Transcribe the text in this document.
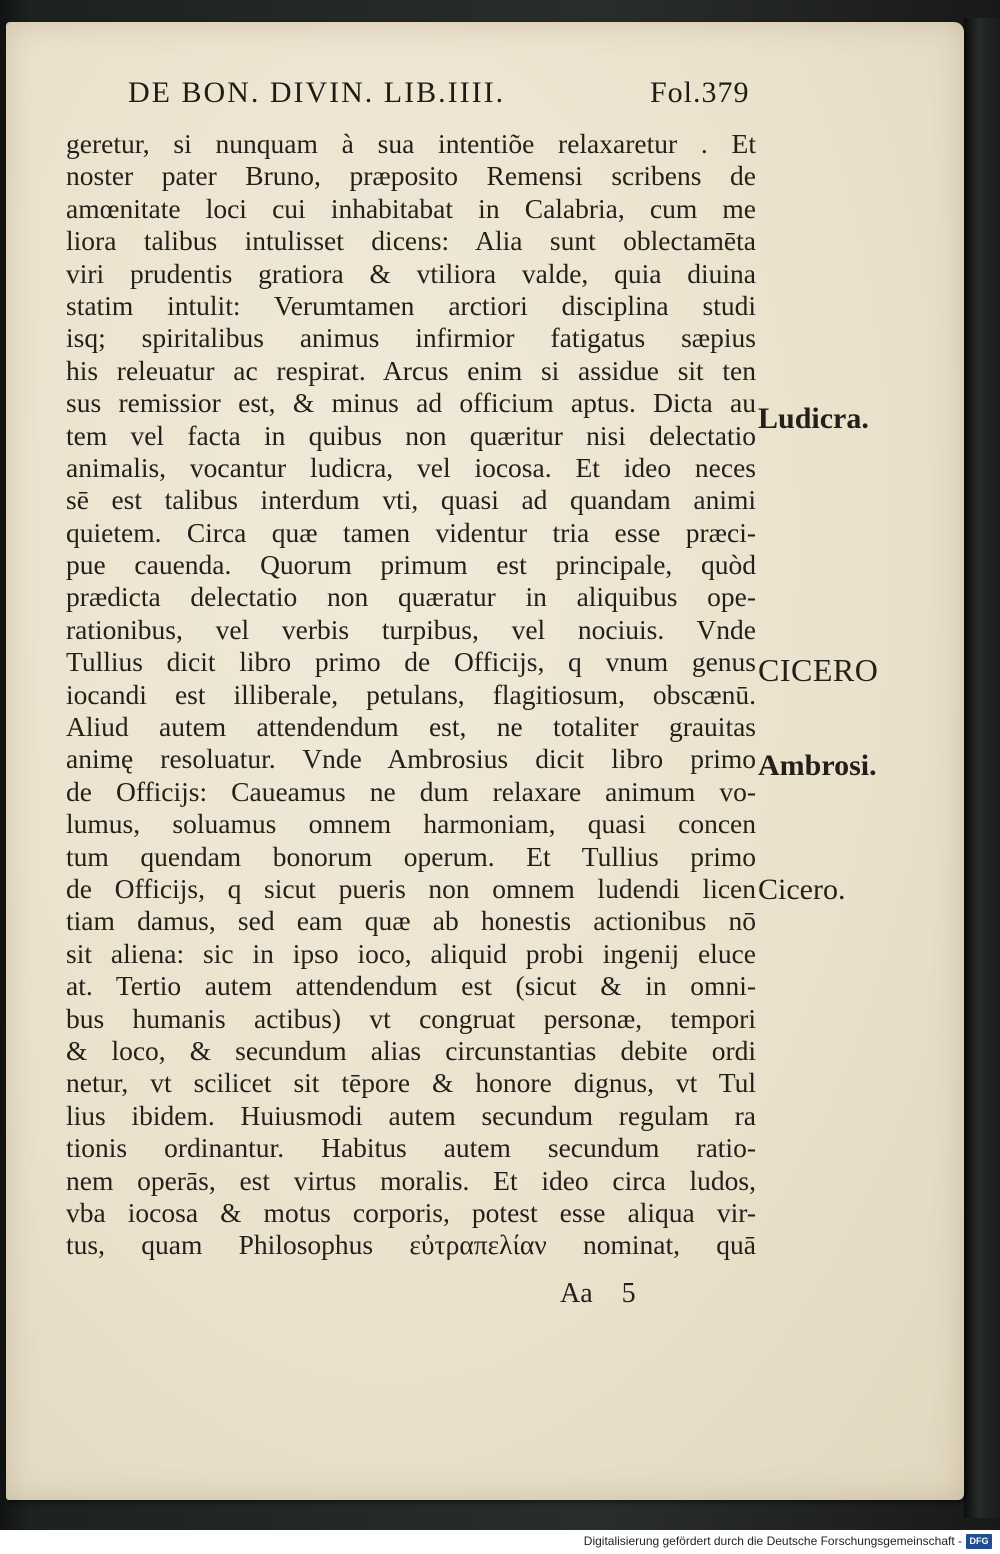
DE BON. DIVIN. LIB.IIII.	Fol.379
geretur, si nunquam à sua intentiõe relaxaretur . Et
noster pater Bruno, præposito Remensi scribens de
amœnitate loci cui inhabitabat in Calabria, cum me
liora talibus intulisset dicens: Alia sunt oblectamēta
viri prudentis gratiora & vtiliora valde, quia diuina
statim intulit: Verumtamen arctiori disciplina studi
isq; spiritalibus animus infirmior fatigatus sæpius
his releuatur ac respirat. Arcus enim si assidue sit ten
sus remissior est, & minus ad officium aptus. Dicta au
tem vel facta in quibus non quæritur nisi delectatio
animalis, vocantur ludicra, vel iocosa. Et ideo neces
sē est talibus interdum vti, quasi ad quandam animi
quietem. Circa quæ tamen videntur tria esse præci-
pue cauenda. Quorum primum est principale, quòd
prædicta delectatio non quæratur in aliquibus ope-
rationibus, vel verbis turpibus, vel nociuis. Vnde
Tullius dicit libro primo de Officijs, q vnum genus
iocandi est illiberale, petulans, flagitiosum, obscænū.
Aliud autem attendendum est, ne totaliter grauitas
animę resoluatur. Vnde Ambrosius dicit libro primo
de Officijs: Caueamus ne dum relaxare animum vo-
lumus, soluamus omnem harmoniam, quasi concen
tum quendam bonorum operum. Et Tullius primo
de Officijs, q sicut pueris non omnem ludendi licen
tiam damus, sed eam quæ ab honestis actionibus nō
sit aliena: sic in ipso ioco, aliquid probi ingenij eluce
at. Tertio autem attendendum est (sicut & in omni-
bus humanis actibus) vt congruat personæ, tempori
& loco, & secundum alias circunstantias debite ordi
netur, vt scilicet sit tēpore & honore dignus, vt Tul
lius ibidem. Huiusmodi autem secundum regulam ra
tionis ordinantur. Habitus autem secundum ratio-
nem operās, est virtus moralis. Et ideo circa ludos,
vba iocosa & motus corporis, potest esse aliqua vir-
tus, quam Philosophus εὐτραπελίαν nominat, quā
Ludicra.
CICERO
Ambrosi.
Cicero.
Aa 5
Digitalisierung gefördert durch die Deutsche Forschungsgemeinschaft - DFG
